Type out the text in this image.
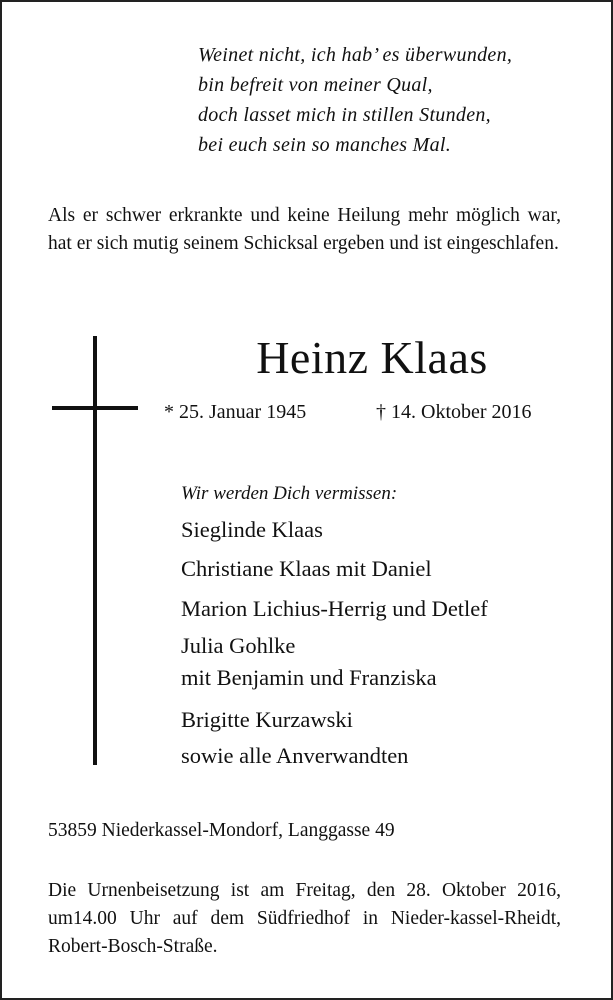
Weinet nicht, ich hab’ es überwunden,
bin befreit von meiner Qual,
doch lasset mich in stillen Stunden,
bei euch sein so manches Mal.
Als er schwer erkrankte und keine Heilung mehr möglich war, hat er sich mutig seinem Schicksal ergeben und ist eingeschlafen.
Heinz Klaas
* 25. Januar 1945	† 14. Oktober 2016
Wir werden Dich vermissen:
Sieglinde Klaas
Christiane Klaas mit Daniel
Marion Lichius-Herrig und Detlef
Julia Gohlke
mit Benjamin und Franziska
Brigitte Kurzawski
sowie alle Anverwandten
53859 Niederkassel-Mondorf, Langgasse 49
Die Urnenbeisetzung ist am Freitag, den 28. Oktober 2016, um14.00 Uhr auf dem Südfriedhof in Nieder-kassel-Rheidt, Robert-Bosch-Straße.
